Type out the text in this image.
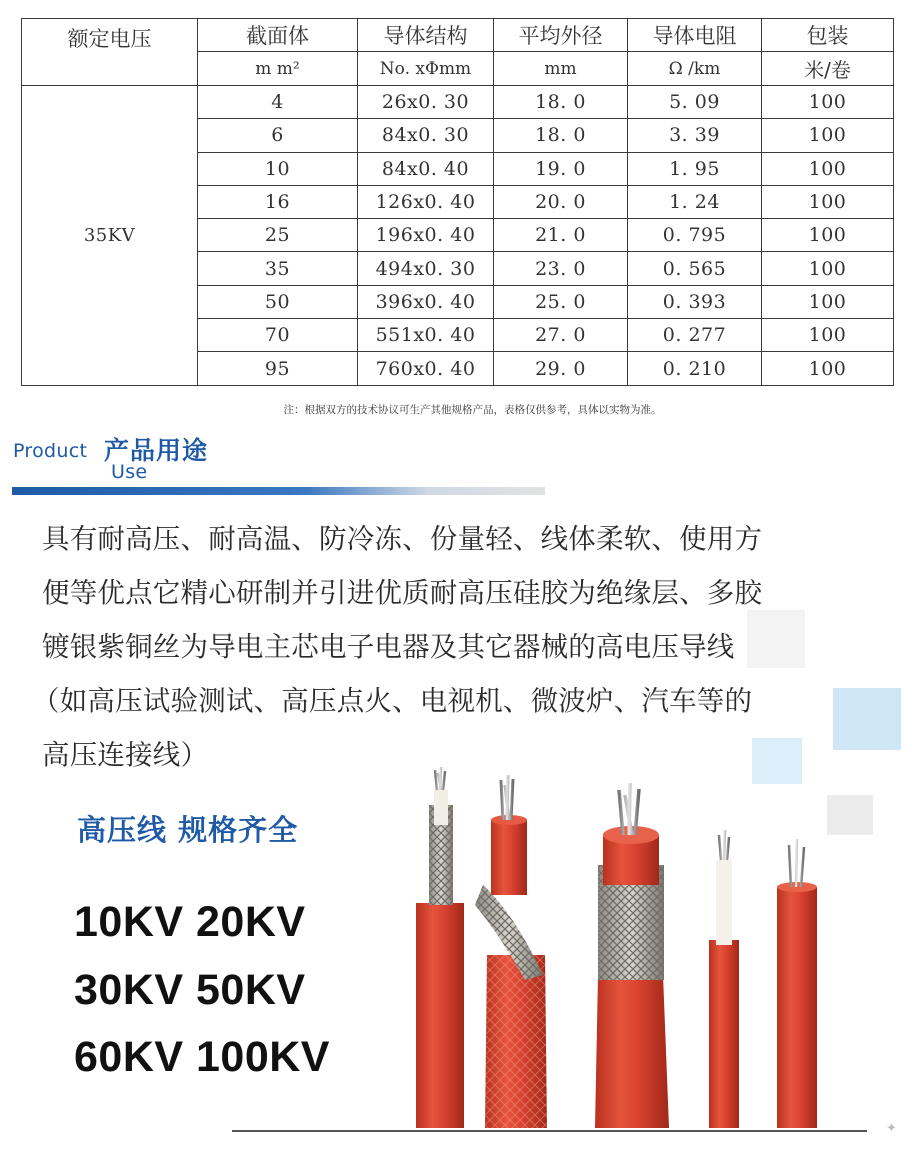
额定电压	截面体	导体结构	平均外径	导体电阻	包装
	m m²	No. xΦmm	mm	Ω /km	米/卷
35KV	4	26x0. 30	18. 0	5. 09	100
	6	84x0. 30	18. 0	3. 39	100
	10	84x0. 40	19. 0	1. 95	100
	16	126x0. 40	20. 0	1. 24	100
	25	196x0. 40	21. 0	0. 795	100
	35	494x0. 30	23. 0	0. 565	100
	50	396x0. 40	25. 0	0. 393	100
	70	551x0. 40	27. 0	0. 277	100
	95	760x0. 40	29. 0	0. 210	100
注：根据双方的技术协议可生产其他规格产品，表格仅供参考，具体以实物为准。
Product
Use
产品用途
具有耐高压、耐高温、防冷冻、份量轻、线体柔软、使用方
便等优点它精心研制并引进优质耐高压硅胶为绝缘层、多胶
镀银紫铜丝为导电主芯电子电器及其它器械的高电压导线
（如高压试验测试、高压点火、电视机、微波炉、汽车等的
高压连接线）
高压线 规格齐全
10KV 20KV
30KV 50KV
60KV 100KV
✦
